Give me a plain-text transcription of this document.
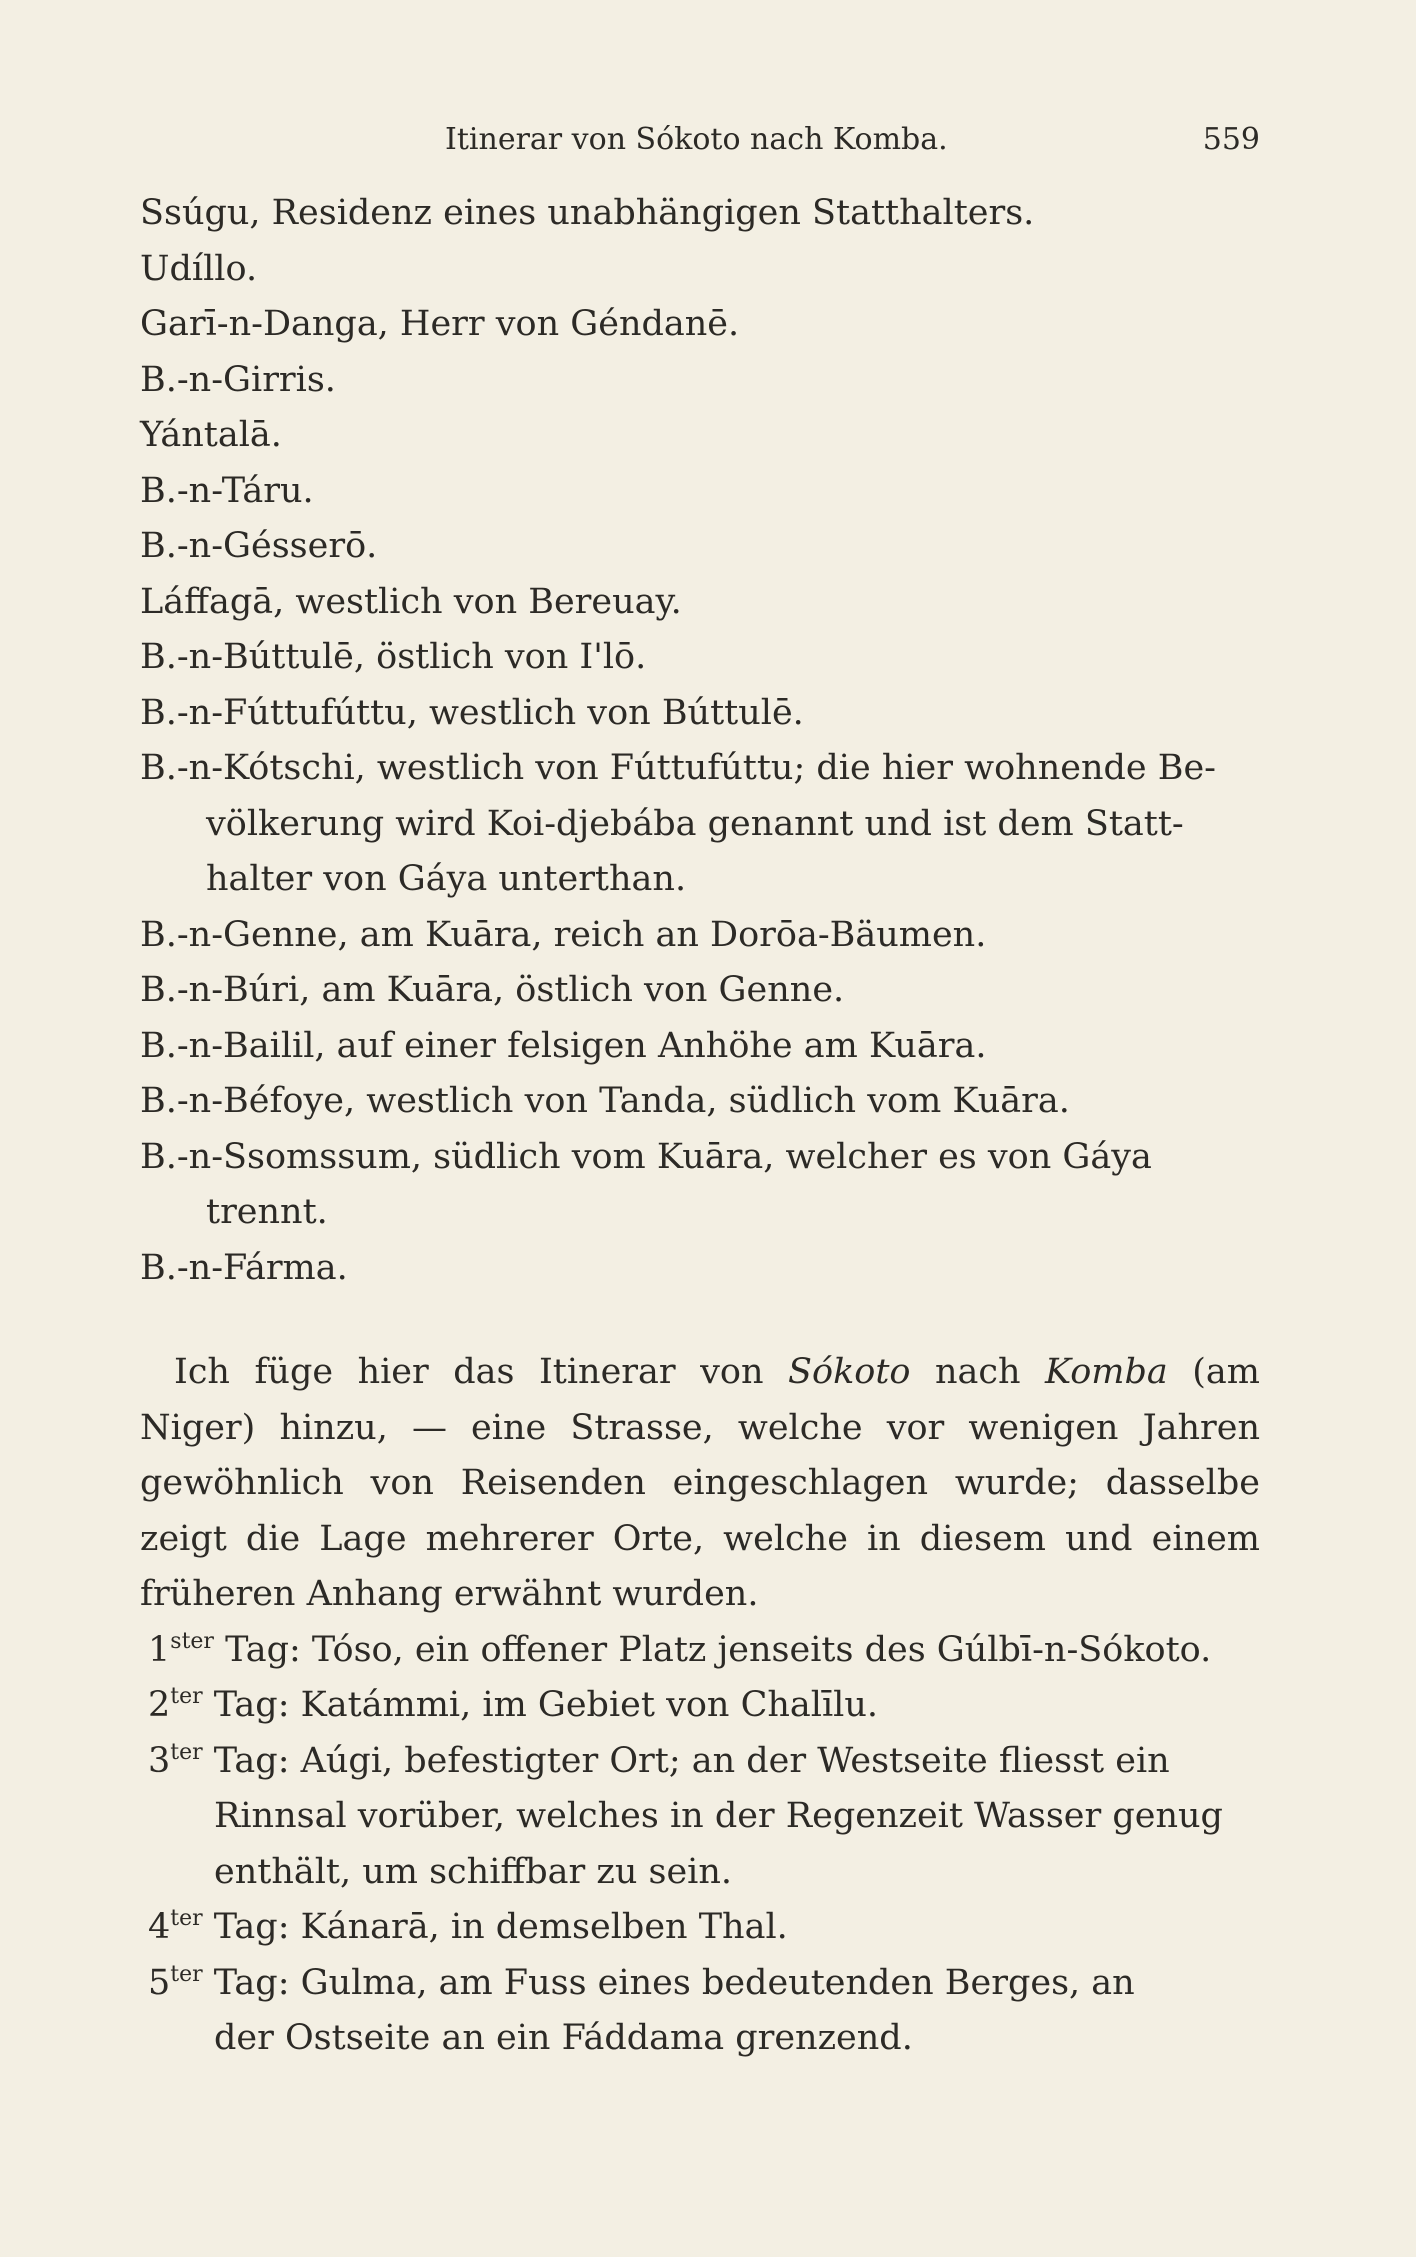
Itinerar von Sókoto nach Komba.	559

Ssúgu, Residenz eines unabhängigen Statthalters.

Udíllo.

Garī-n-Danga, Herr von Géndanē.

B.-n-Girris.

Yántalā.

B.-n-Táru.

B.-n-Gésserō.

Láffagā, westlich von Bereuay.

B.-n-Búttulē, östlich von I'lō.

B.-n-Fúttufúttu, westlich von Búttulē.

B.-n-Kótschi, westlich von Fúttufúttu; die hier wohnende Be-
völkerung wird Koi-djebába genannt und ist dem Statt-
halter von Gáya unterthan.

B.-n-Genne, am Kuāra, reich an Dorōa-Bäumen.

B.-n-Búri, am Kuāra, östlich von Genne.

B.-n-Bailil, auf einer felsigen Anhöhe am Kuāra.

B.-n-Béfoye, westlich von Tanda, südlich vom Kuāra.

B.-n-Ssomssum, südlich vom Kuāra, welcher es von Gáya
trennt.

B.-n-Fárma.

Ich füge hier das Itinerar von Sókoto nach Komba (am Niger) hinzu, — eine Strasse, welche vor wenigen Jahren gewöhnlich von Reisenden eingeschlagen wurde; dasselbe zeigt die Lage mehrerer Orte, welche in diesem und einem früheren Anhang erwähnt wurden.

$1^{ster}$ Tag: Tóso, ein offener Platz jenseits des Gúlbī-n-Sókoto.

$2^{ter}$ Tag: Katámmi, im Gebiet von Chalīlu.

$3^{ter}$ Tag: Aúgi, befestigter Ort; an der Westseite fliesst ein
Rinnsal vorüber, welches in der Regenzeit Wasser genug
enthält, um schiffbar zu sein.

$4^{ter}$ Tag: Kánarā, in demselben Thal.

$5^{ter}$ Tag: Gulma, am Fuss eines bedeutenden Berges, an
der Ostseite an ein Fáddama grenzend.
